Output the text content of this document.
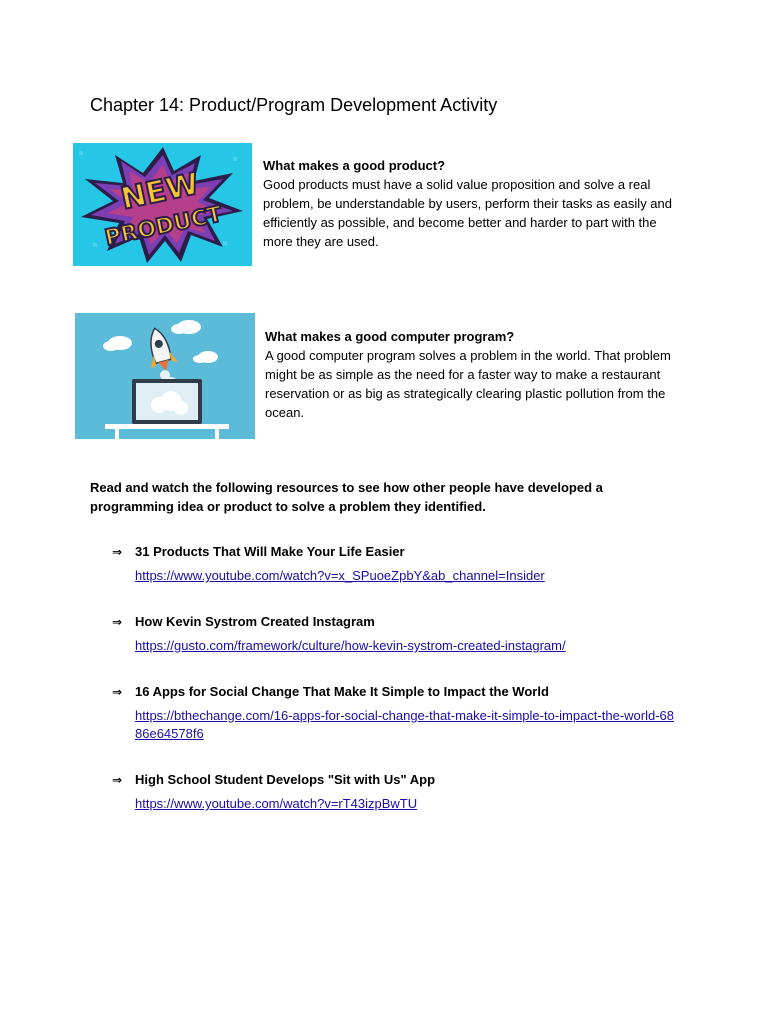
Chapter 14: Product/Program Development Activity
NEW
PRODUCT

What makes a good product?

Good products must have a solid value proposition and solve a real problem, be understandable by users, perform their tasks as easily and efficiently as possible, and become better and harder to part with the more they are used.

What makes a good computer program?

A good computer program solves a problem in the world. That problem might be as simple as the need for a faster way to make a restaurant reservation or as big as strategically clearing plastic pollution from the ocean.

Read and watch the following resources to see how other people have developed a programming idea or product to solve a problem they identified.

⇒ 31 Products That Will Make Your Life Easier
https://www.youtube.com/watch?v=x_SPuoeZpbY&ab_channel=Insider
⇒ How Kevin Systrom Created Instagram
https://gusto.com/framework/culture/how-kevin-systrom-created-instagram/
⇒ 16 Apps for Social Change That Make It Simple to Impact the World
https://bthechange.com/16-apps-for-social-change-that-make-it-simple-to-impact-the-world-6886e64578f6
⇒ High School Student Develops "Sit with Us" App
https://www.youtube.com/watch?v=rT43izpBwTU
